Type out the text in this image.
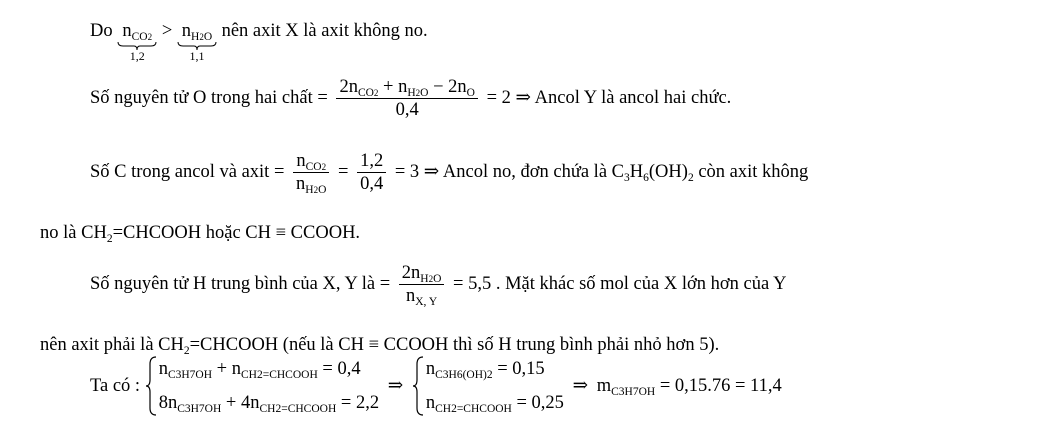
Do $n_{CO2}$
1,2
> $n_{H2O}$
1,1
nên axit X là axit không no.
Số nguyên tử O trong hai chất = $\frac{2n_{CO2} + n_{H2O} - 2n_O}{0,4} = 2$ ⇒ Ancol Y là ancol hai chức.
Số C trong ancol và axit = $\frac{n_{CO2}}{n_{H2O}} = \frac{1,2}{0,4} = 3$ ⇒ Ancol no, đơn chứa là $C_3H_6(OH)_2$ còn axit không
no là $CH_2=CHCOOH$ hoặc CH ≡ CCOOH.
Số nguyên tử H trung bình của X, Y là = $\frac{2n_{H2O}}{n_{X, Y}} = 5,5$ . Mặt khác số mol của X lớn hơn của Y
nên axit phải là $CH_2=CHCOOH$ (nếu là CH ≡ CCOOH thì số H trung bình phải nhỏ hơn 5).
Ta có :
$n_{C3H7OH} + n_{CH2=CHCOOH} = 0,4$
$8n_{C3H7OH} + 4n_{CH2=CHCOOH} = 2,2$
⇒
$n_{C3H6(OH)2} = 0,15$
$n_{CH2=CHCOOH} = 0,25$
⇒ $m_{C3H7OH} = 0,15.76 = 11,4$
